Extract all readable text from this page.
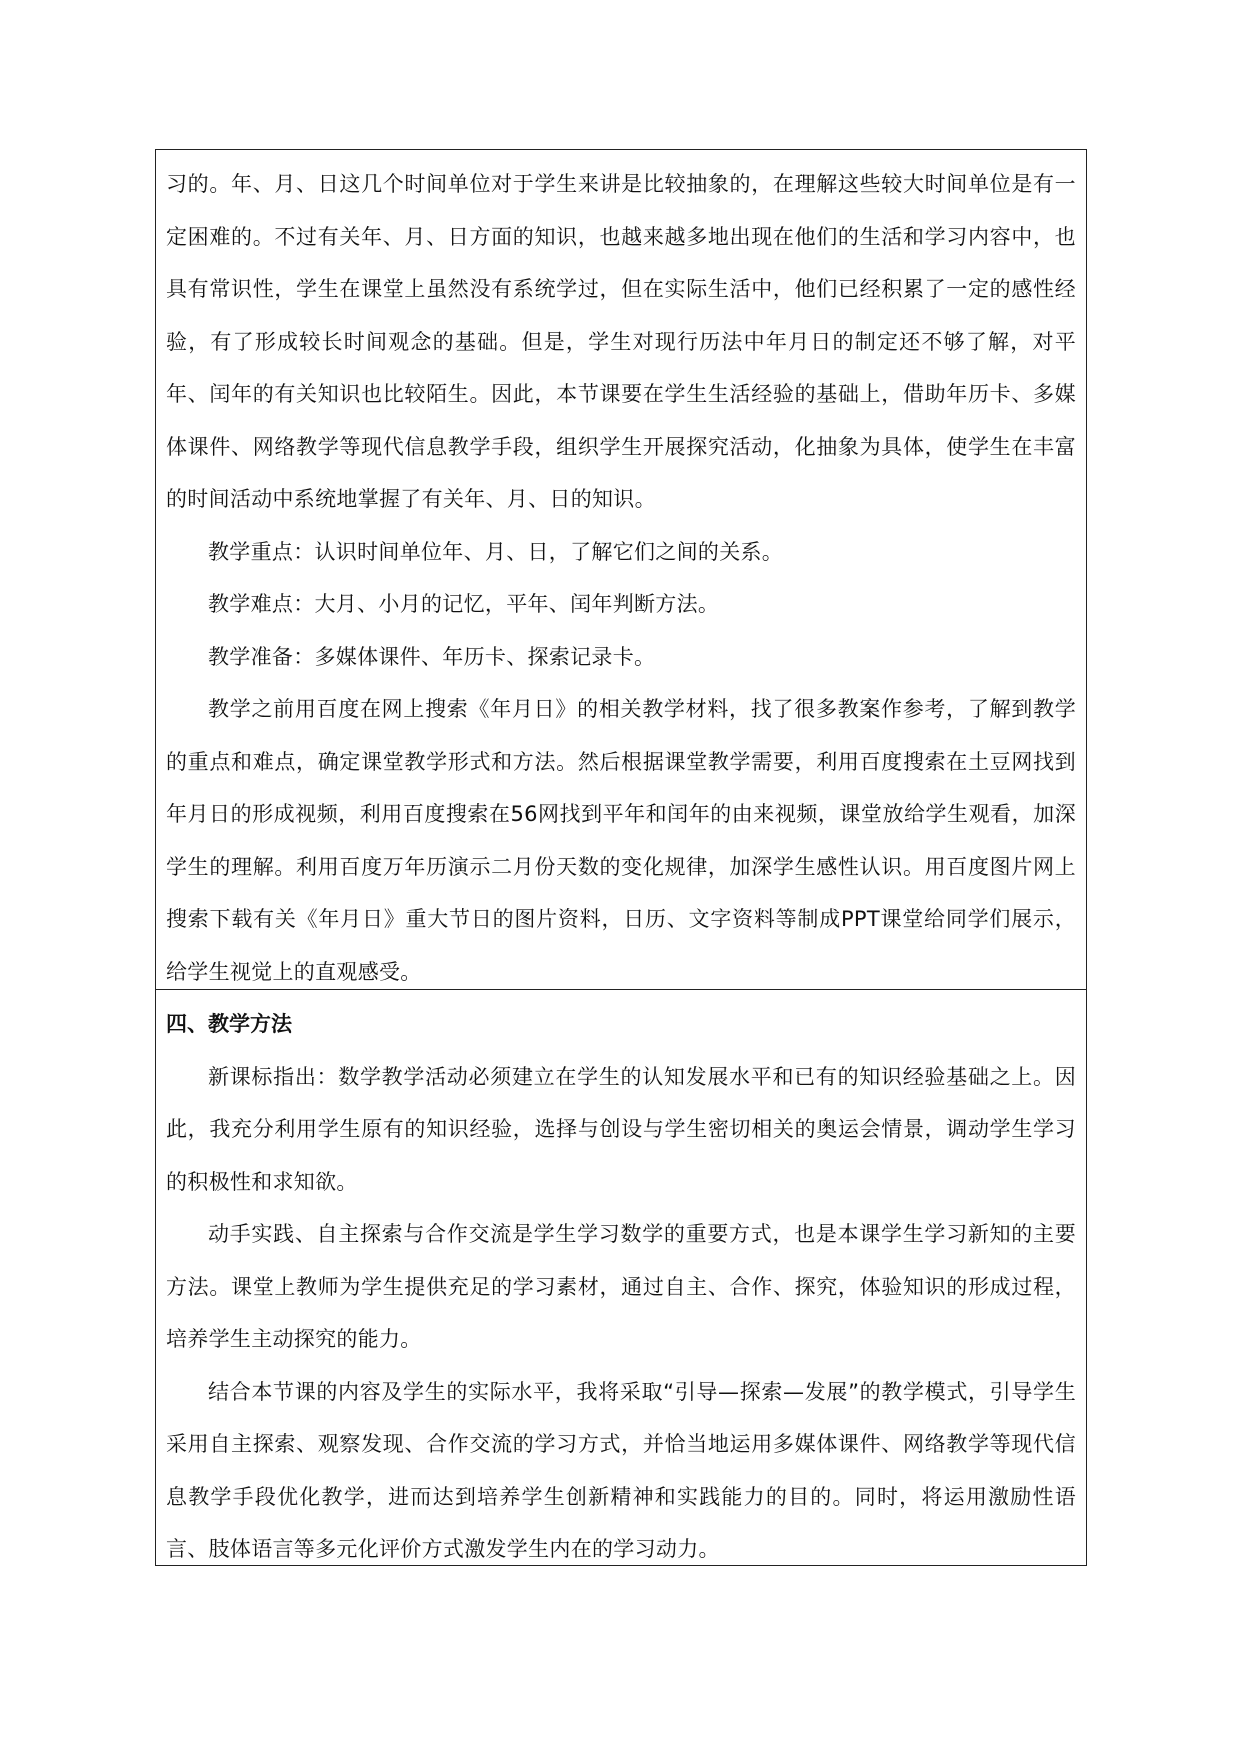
习的。年、月、日这几个时间单位对于学生来讲是比较抽象的，在理解这些较大时间单位是有一定困难的。不过有关年、月、日方面的知识，也越来越多地出现在他们的生活和学习内容中，也具有常识性，学生在课堂上虽然没有系统学过，但在实际生活中，他们已经积累了一定的感性经验，有了形成较长时间观念的基础。但是，学生对现行历法中年月日的制定还不够了解，对平年、闰年的有关知识也比较陌生。因此，本节课要在学生生活经验的基础上，借助年历卡、多媒体课件、网络教学等现代信息教学手段，组织学生开展探究活动，化抽象为具体，使学生在丰富的时间活动中系统地掌握了有关年、月、日的知识。

教学重点：认识时间单位年、月、日，了解它们之间的关系。

教学难点：大月、小月的记忆，平年、闰年判断方法。

教学准备：多媒体课件、年历卡、探索记录卡。

教学之前用百度在网上搜索《年月日》的相关教学材料，找了很多教案作参考，了解到教学的重点和难点，确定课堂教学形式和方法。然后根据课堂教学需要，利用百度搜索在土豆网找到年月日的形成视频，利用百度搜索在56网找到平年和闰年的由来视频，课堂放给学生观看，加深学生的理解。利用百度万年历演示二月份天数的变化规律，加深学生感性认识。用百度图片网上搜索下载有关《年月日》重大节日的图片资料，日历、文字资料等制成PPT课堂给同学们展示，给学生视觉上的直观感受。

四、教学方法

新课标指出：数学教学活动必须建立在学生的认知发展水平和已有的知识经验基础之上。因此，我充分利用学生原有的知识经验，选择与创设与学生密切相关的奥运会情景，调动学生学习的积极性和求知欲。

动手实践、自主探索与合作交流是学生学习数学的重要方式，也是本课学生学习新知的主要方法。课堂上教师为学生提供充足的学习素材，通过自主、合作、探究，体验知识的形成过程，培养学生主动探究的能力。

结合本节课的内容及学生的实际水平，我将采取“引导—探索—发展”的教学模式，引导学生采用自主探索、观察发现、合作交流的学习方式，并恰当地运用多媒体课件、网络教学等现代信息教学手段优化教学，进而达到培养学生创新精神和实践能力的目的。同时，将运用激励性语言、肢体语言等多元化评价方式激发学生内在的学习动力。
